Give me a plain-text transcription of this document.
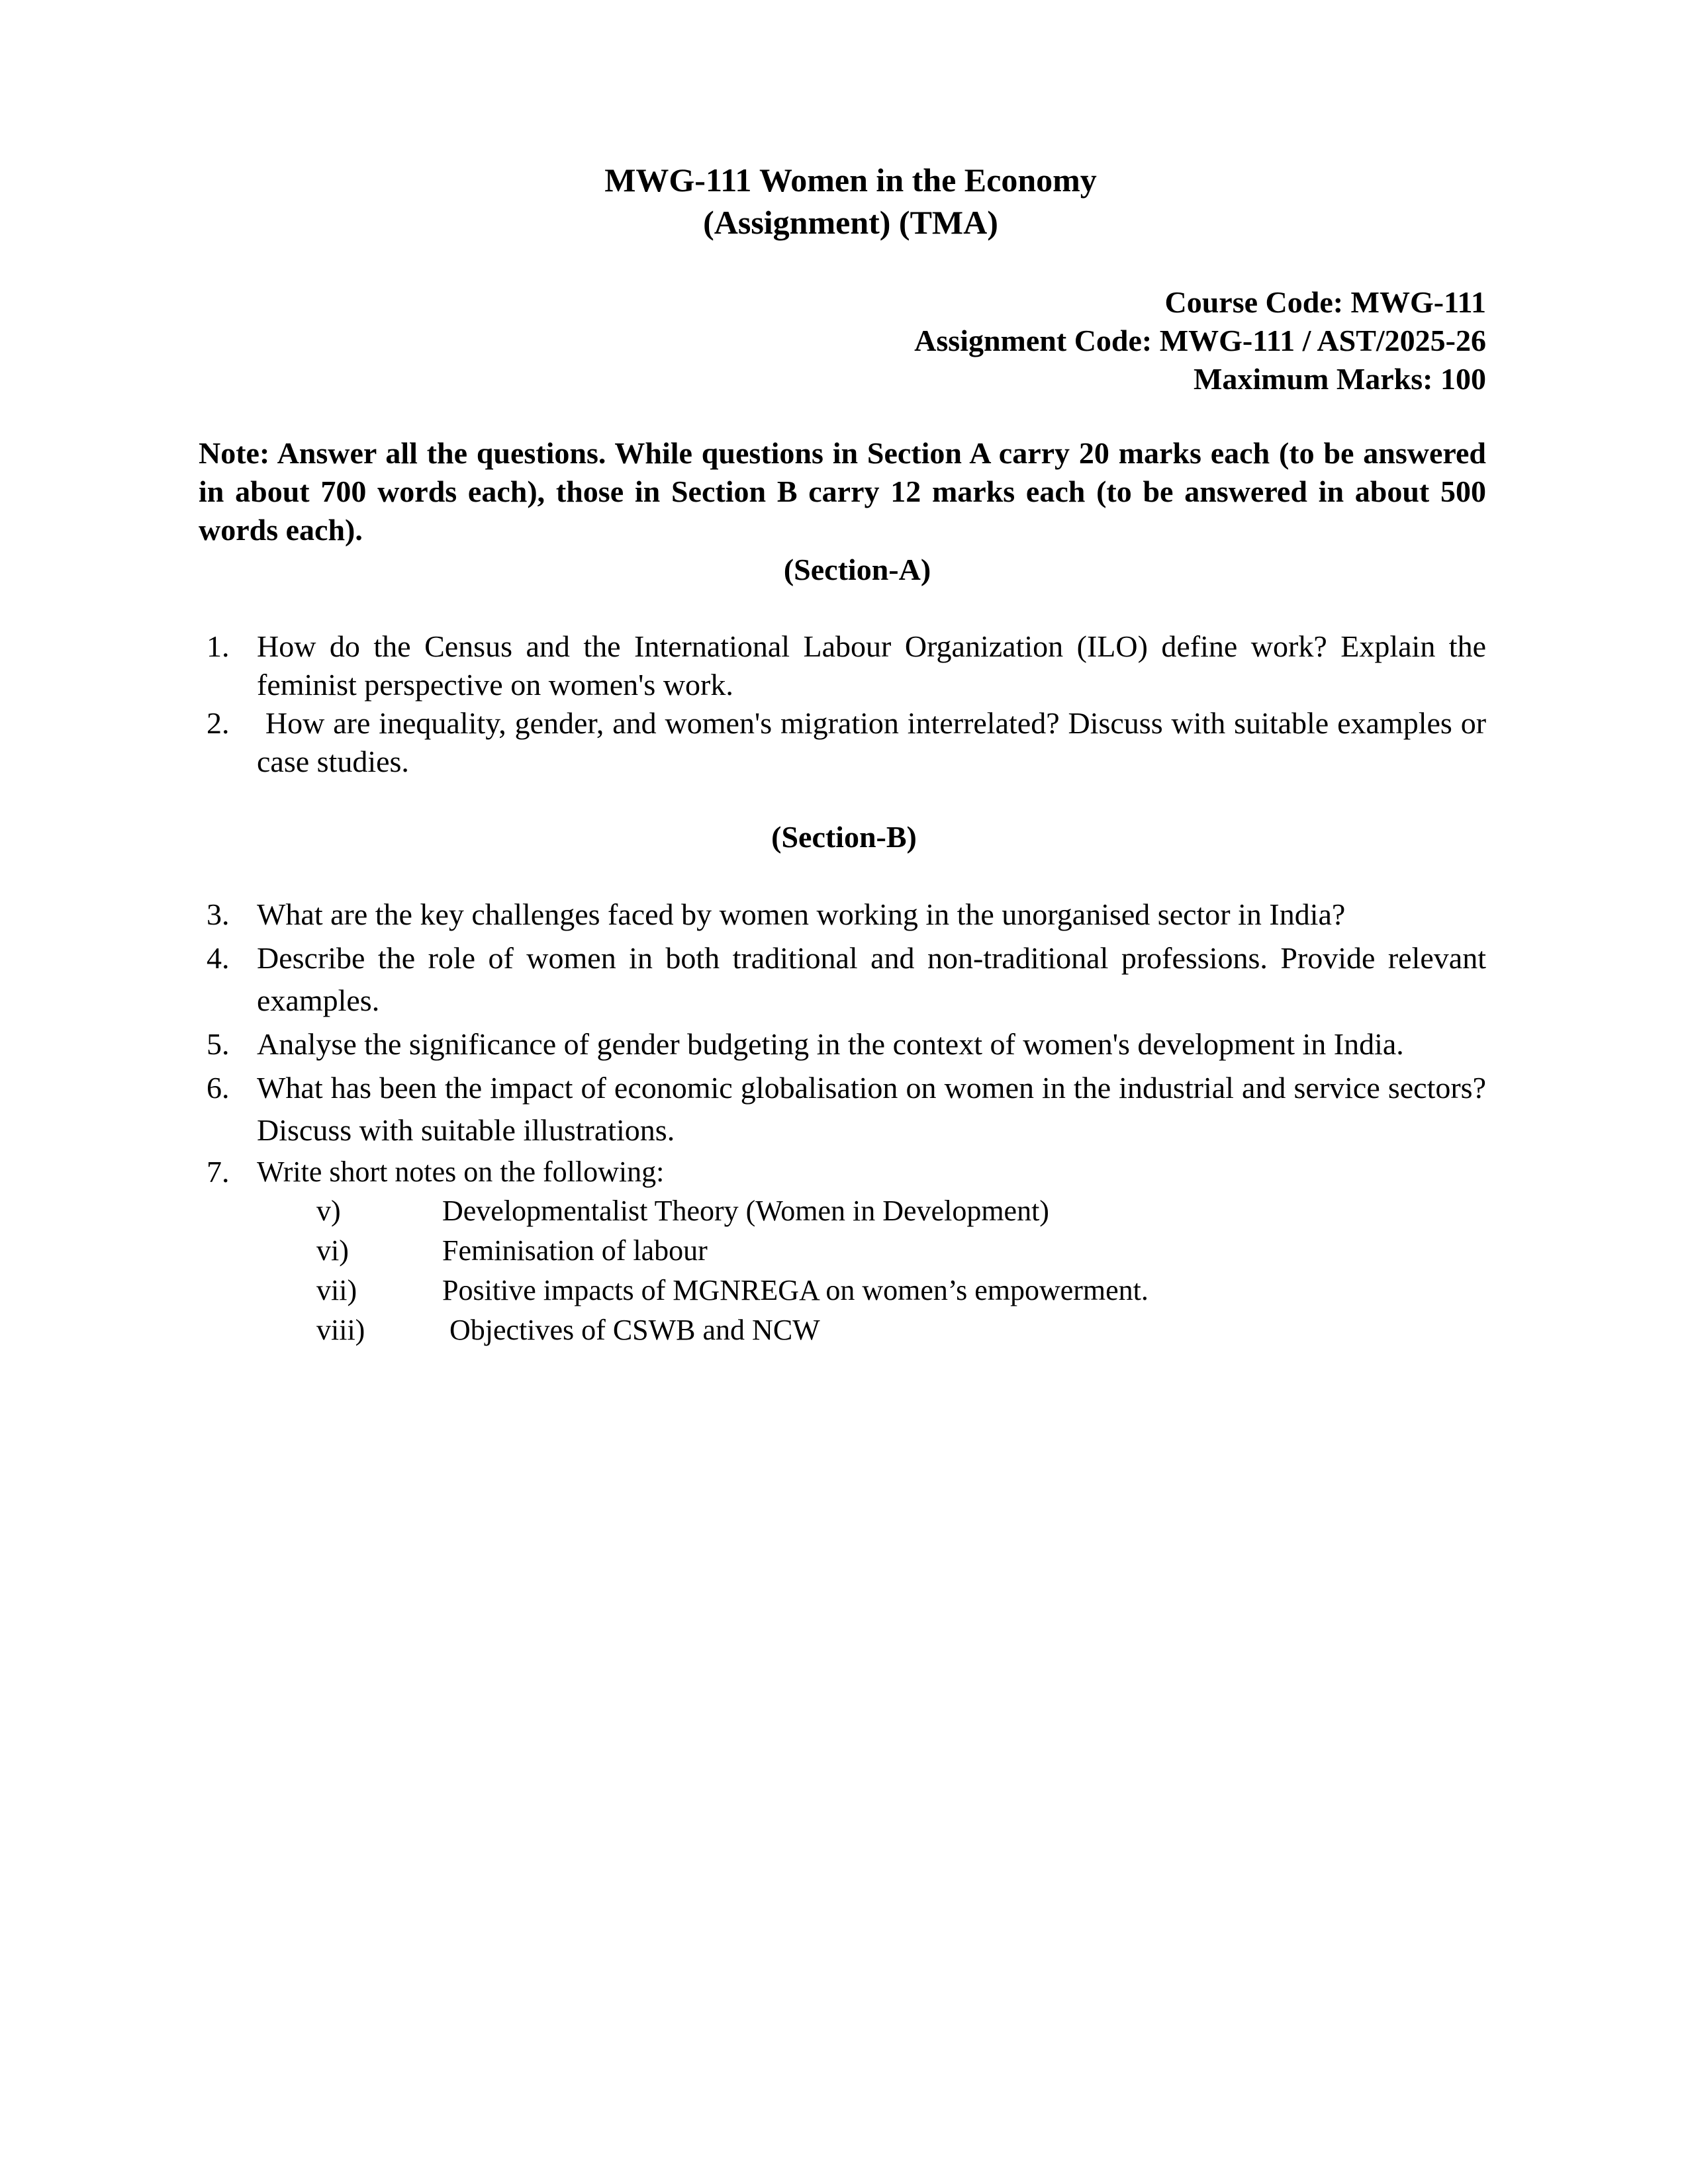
MWG-111 Women in the Economy
(Assignment) (TMA)
Course Code: MWG-111
Assignment Code: MWG-111 / AST/2025-26
Maximum Marks: 100
Note: Answer all the questions. While questions in Section A carry 20 marks each (to be answered in about 700 words each), those in Section B carry 12 marks each (to be answered in about 500 words each).
(Section-A)
1. How do the Census and the International Labour Organization (ILO) define work? Explain the feminist perspective on women's work.
2. How are inequality, gender, and women's migration interrelated? Discuss with suitable examples or case studies.
(Section-B)
3. What are the key challenges faced by women working in the unorganised sector in India?
4. Describe the role of women in both traditional and non-traditional professions. Provide relevant examples.
5. Analyse the significance of gender budgeting in the context of women's development in India.
6. What has been the impact of economic globalisation on women in the industrial and service sectors? Discuss with suitable illustrations.
7. Write short notes on the following:
v)	Developmentalist Theory (Women in Development)
vi)	Feminisation of labour
vii)	Positive impacts of MGNREGA on women’s empowerment.
viii)	Objectives of CSWB and NCW
